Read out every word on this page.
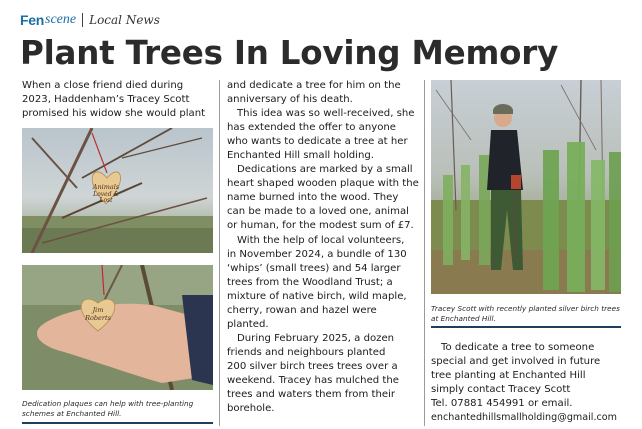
Fen scene Local News
Plant Trees In Loving Memory

When a close friend died during

2023, Haddenham’s Tracey Scott

promised his widow she would plant

Animals
Loved &
Lost
Jim
Roberts
Dedication plaques can help with tree-planting
schemes at Enchanted Hill.

and dedicate a tree for him on the

anniversary of his death.

This idea was so well-received, she

has extended the offer to anyone

who wants to dedicate a tree at her

Enchanted Hill small holding.

Dedications are marked by a small

heart shaped wooden plaque with the

name burned into the wood. They

can be made to a loved one, animal

or human, for the modest sum of £7.

With the help of local volunteers,

in November 2024, a bundle of 130

‘whips’ (small trees) and 54 larger

trees from the Woodland Trust; a

mixture of native birch, wild maple,

cherry, rowan and hazel were

planted.

During February 2025, a dozen

friends and neighbours planted

200 silver birch trees trees over a

weekend. Tracey has mulched the

trees and waters them from their

borehole.

Tracey Scott with recently planted silver birch trees
at Enchanted Hill.

To dedicate a tree to someone

special and get involved in future

tree planting at Enchanted Hill

simply contact Tracey Scott

Tel. 07881 454991 or email.

enchantedhillsmallholding@gmail.com
